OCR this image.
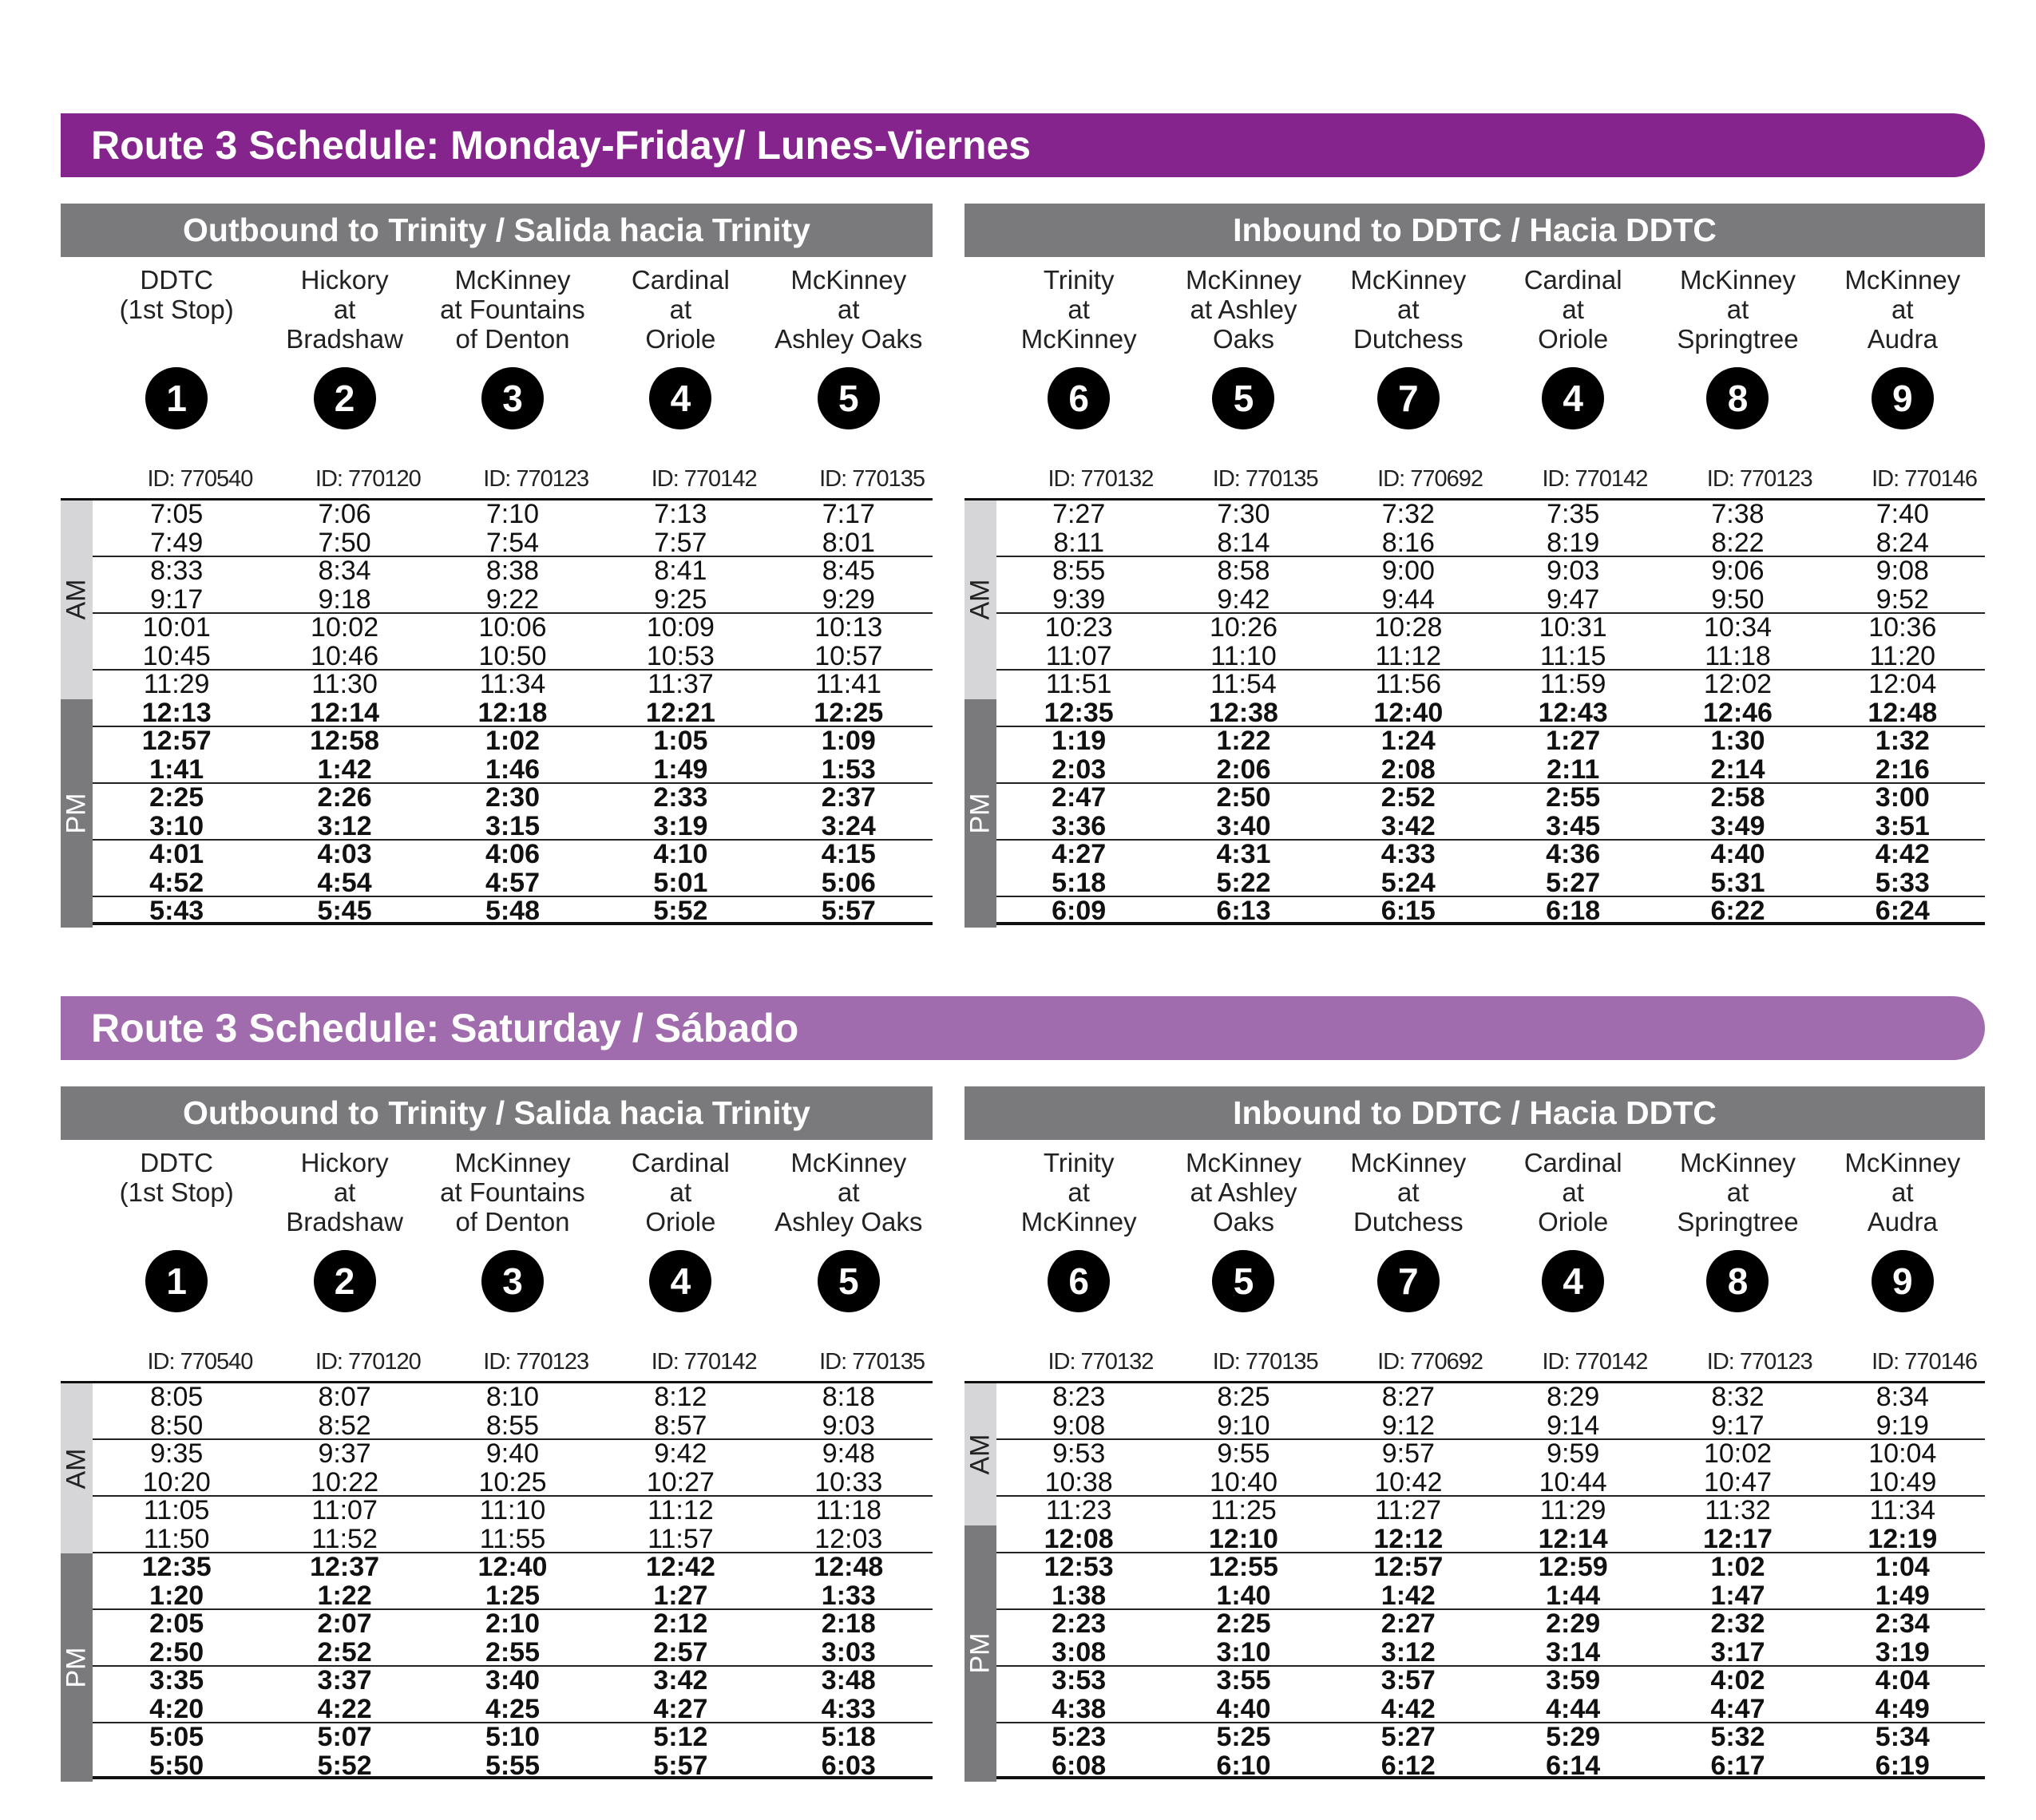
Route 3 Schedule: Monday-Friday/ Lunes-Viernes
Outbound to Trinity / Salida hacia Trinity
DDTC
(1st Stop)
1
ID: 770540
Hickory
at
Bradshaw
2
ID: 770120
McKinney
at Fountains
of Denton
3
ID: 770123
Cardinal
at
Oriole
4
ID: 770142
McKinney
at
Ashley Oaks
5
ID: 770135
AM
PM
7:05	7:06	7:10	7:13	7:17
7:49	7:50	7:54	7:57	8:01
8:33	8:34	8:38	8:41	8:45
9:17	9:18	9:22	9:25	9:29
10:01	10:02	10:06	10:09	10:13
10:45	10:46	10:50	10:53	10:57
11:29	11:30	11:34	11:37	11:41
12:13	12:14	12:18	12:21	12:25
12:57	12:58	1:02	1:05	1:09
1:41	1:42	1:46	1:49	1:53
2:25	2:26	2:30	2:33	2:37
3:10	3:12	3:15	3:19	3:24
4:01	4:03	4:06	4:10	4:15
4:52	4:54	4:57	5:01	5:06
5:43	5:45	5:48	5:52	5:57
Inbound to DDTC / Hacia DDTC
Trinity
at
McKinney
6
ID: 770132
McKinney
at Ashley
Oaks
5
ID: 770135
McKinney
at
Dutchess
7
ID: 770692
Cardinal
at
Oriole
4
ID: 770142
McKinney
at
Springtree
8
ID: 770123
McKinney
at
Audra
9
ID: 770146
AM
PM
7:27	7:30	7:32	7:35	7:38	7:40
8:11	8:14	8:16	8:19	8:22	8:24
8:55	8:58	9:00	9:03	9:06	9:08
9:39	9:42	9:44	9:47	9:50	9:52
10:23	10:26	10:28	10:31	10:34	10:36
11:07	11:10	11:12	11:15	11:18	11:20
11:51	11:54	11:56	11:59	12:02	12:04
12:35	12:38	12:40	12:43	12:46	12:48
1:19	1:22	1:24	1:27	1:30	1:32
2:03	2:06	2:08	2:11	2:14	2:16
2:47	2:50	2:52	2:55	2:58	3:00
3:36	3:40	3:42	3:45	3:49	3:51
4:27	4:31	4:33	4:36	4:40	4:42
5:18	5:22	5:24	5:27	5:31	5:33
6:09	6:13	6:15	6:18	6:22	6:24
Route 3 Schedule: Saturday / Sábado
Outbound to Trinity / Salida hacia Trinity
DDTC
(1st Stop)
1
ID: 770540
Hickory
at
Bradshaw
2
ID: 770120
McKinney
at Fountains
of Denton
3
ID: 770123
Cardinal
at
Oriole
4
ID: 770142
McKinney
at
Ashley Oaks
5
ID: 770135
AM
PM
8:05	8:07	8:10	8:12	8:18
8:50	8:52	8:55	8:57	9:03
9:35	9:37	9:40	9:42	9:48
10:20	10:22	10:25	10:27	10:33
11:05	11:07	11:10	11:12	11:18
11:50	11:52	11:55	11:57	12:03
12:35	12:37	12:40	12:42	12:48
1:20	1:22	1:25	1:27	1:33
2:05	2:07	2:10	2:12	2:18
2:50	2:52	2:55	2:57	3:03
3:35	3:37	3:40	3:42	3:48
4:20	4:22	4:25	4:27	4:33
5:05	5:07	5:10	5:12	5:18
5:50	5:52	5:55	5:57	6:03
Inbound to DDTC / Hacia DDTC
Trinity
at
McKinney
6
ID: 770132
McKinney
at Ashley
Oaks
5
ID: 770135
McKinney
at
Dutchess
7
ID: 770692
Cardinal
at
Oriole
4
ID: 770142
McKinney
at
Springtree
8
ID: 770123
McKinney
at
Audra
9
ID: 770146
AM
PM
8:23	8:25	8:27	8:29	8:32	8:34
9:08	9:10	9:12	9:14	9:17	9:19
9:53	9:55	9:57	9:59	10:02	10:04
10:38	10:40	10:42	10:44	10:47	10:49
11:23	11:25	11:27	11:29	11:32	11:34
12:08	12:10	12:12	12:14	12:17	12:19
12:53	12:55	12:57	12:59	1:02	1:04
1:38	1:40	1:42	1:44	1:47	1:49
2:23	2:25	2:27	2:29	2:32	2:34
3:08	3:10	3:12	3:14	3:17	3:19
3:53	3:55	3:57	3:59	4:02	4:04
4:38	4:40	4:42	4:44	4:47	4:49
5:23	5:25	5:27	5:29	5:32	5:34
6:08	6:10	6:12	6:14	6:17	6:19
